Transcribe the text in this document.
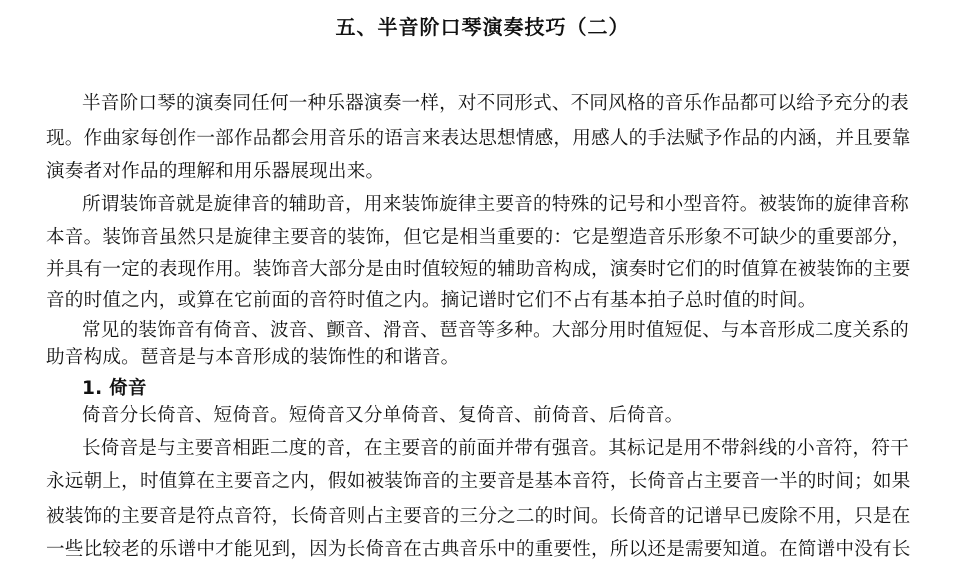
五、半音阶口琴演奏技巧（二）
半音阶口琴的演奏同任何一种乐器演奏一样，对不同形式、不同风格的音乐作品都可以给予充分的表
现。作曲家每创作一部作品都会用音乐的语言来表达思想情感，用感人的手法赋予作品的内涵，并且要靠
演奏者对作品的理解和用乐器展现出来。
所谓装饰音就是旋律音的辅助音，用来装饰旋律主要音的特殊的记号和小型音符。被装饰的旋律音称
本音。装饰音虽然只是旋律主要音的装饰，但它是相当重要的：它是塑造音乐形象不可缺少的重要部分，
并具有一定的表现作用。装饰音大部分是由时值较短的辅助音构成，演奏时它们的时值算在被装饰的主要
音的时值之内，或算在它前面的音符时值之内。摘记谱时它们不占有基本拍子总时值的时间。
常见的装饰音有倚音、波音、颤音、滑音、琶音等多种。大部分用时值短促、与本音形成二度关系的
助音构成。琶音是与本音形成的装饰性的和谐音。
1. 倚音
倚音分长倚音、短倚音。短倚音又分单倚音、复倚音、前倚音、后倚音。
长倚音是与主要音相距二度的音，在主要音的前面并带有强音。其标记是用不带斜线的小音符，符干
永远朝上，时值算在主要音之内，假如被装饰音的主要音是基本音符，长倚音占主要音一半的时间；如果
被装饰的主要音是符点音符，长倚音则占主要音的三分之二的时间。长倚音的记谱早已废除不用，只是在
一些比较老的乐谱中才能见到，因为长倚音在古典音乐中的重要性，所以还是需要知道。在简谱中没有长
